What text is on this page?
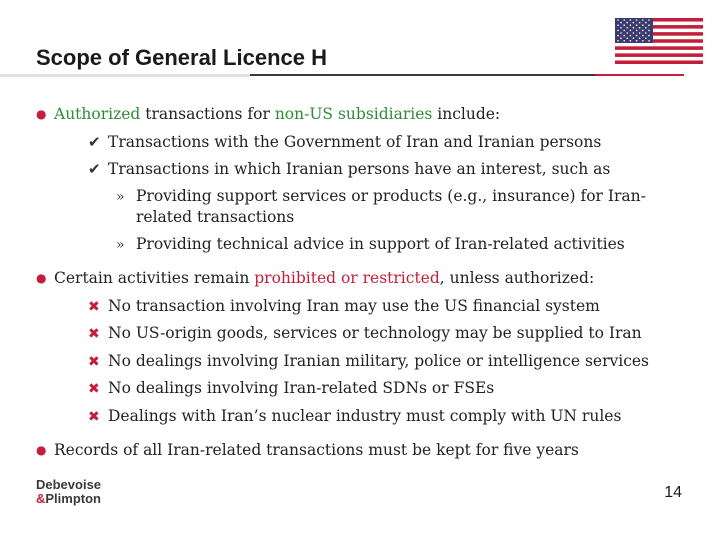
Scope of General Licence H
● Authorized transactions for non-US subsidiaries include:
✔ Transactions with the Government of Iran and Iranian persons
✔ Transactions in which Iranian persons have an interest, such as
» Providing support services or products (e.g., insurance) for Iran-
related transactions
» Providing technical advice in support of Iran-related activities
● Certain activities remain prohibited or restricted, unless authorized:
✖ No transaction involving Iran may use the US financial system
✖ No US-origin goods, services or technology may be supplied to Iran
✖ No dealings involving Iranian military, police or intelligence services
✖ No dealings involving Iran-related SDNs or FSEs
✖ Dealings with Iran’s nuclear industry must comply with UN rules
● Records of all Iran-related transactions must be kept for five years
Debevoise
&Plimpton	14
